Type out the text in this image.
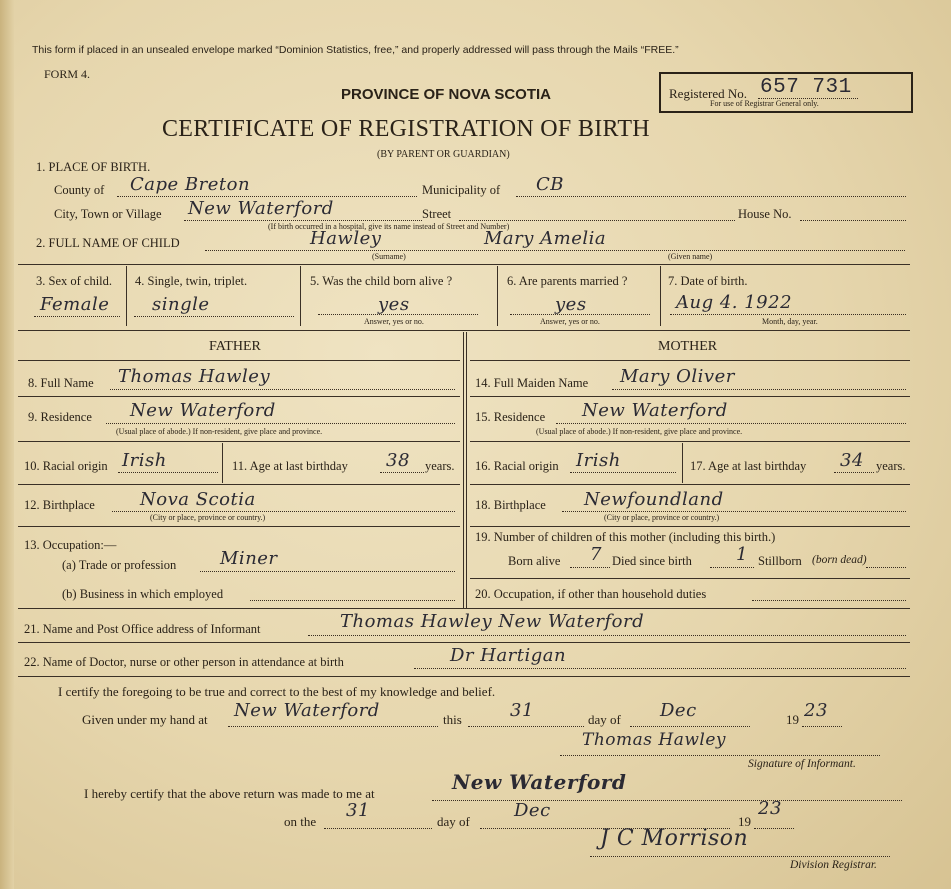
This form if placed in an unsealed envelope marked “Dominion Statistics, free,” and properly addressed will pass through the Mails “FREE.”
FORM 4.
PROVINCE OF NOVA SCOTIA	Registered No. 657 731
For use of Registrar General only.
CERTIFICATE OF REGISTRATION OF BIRTH
(BY PARENT OR GUARDIAN)
1. PLACE OF BIRTH.
County of Cape Breton	Municipality of CB
City, Town or Village New Waterford	Street	House No.
(If birth occurred in a hospital, give its name instead of Street and Number)
2. FULL NAME OF CHILD	Hawley	Mary Amelia
(Surname)	(Given name)
3. Sex of child.
Female
4. Single, twin, triplet.
single
5. Was the child born alive ?
yes
Answer, yes or no.
6. Are parents married ?
yes
Answer, yes or no.
7. Date of birth.
Aug 4. 1922
Month, day, year.
FATHER	MOTHER
8. Full Name Thomas Hawley
9. Residence New Waterford
(Usual place of abode.) If non-resident, give place and province.
10. Racial origin Irish	11. Age at last birthday 38 years.
12. Birthplace	Nova Scotia
(City or place, province or country.)
13. Occupation:—
(a) Trade or profession Miner
(b) Business in which employed
14. Full Maiden Name Mary Oliver
15. Residence New Waterford
(Usual place of abode.) If non-resident, give place and province.
16. Racial origin Irish	17. Age at last birthday 34 years.
18. Birthplace Newfoundland
(City or place, province or country.)
19. Number of children of this mother (including this birth.)
Born alive 7 Died since birth 1 Stillborn (born dead)
20. Occupation, if other than household duties
21. Name and Post Office address of Informant	Thomas Hawley New Waterford
22. Name of Doctor, nurse or other person in attendance at birth	Dr Hartigan
I certify the foregoing to be true and correct to the best of my knowledge and belief.
Given under my hand at New Waterford	this	31	day of Dec	19 23
Thomas Hawley
Signature of Informant.
I hereby certify that the above return was made to me at	New Waterford
on the
31
day of
Dec
19
23
J C Morrison
Division Registrar.
